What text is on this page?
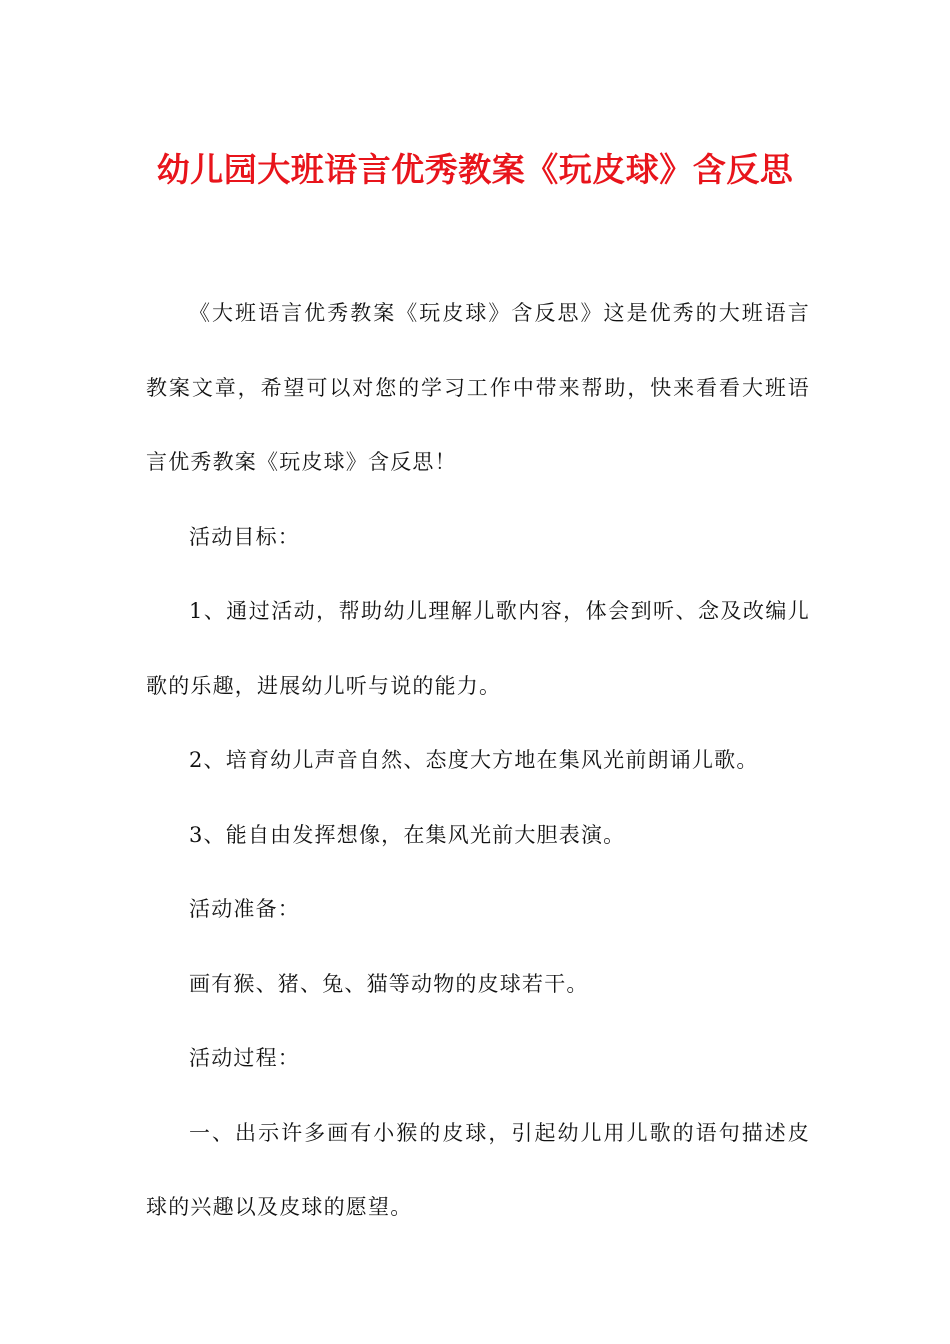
幼儿园大班语言优秀教案《玩皮球》含反思

《大班语言优秀教案《玩皮球》含反思》这是优秀的大班语言教案文章，希望可以对您的学习工作中带来帮助，快来看看大班语言优秀教案《玩皮球》含反思！

活动目标：

1、通过活动，帮助幼儿理解儿歌内容，体会到听、念及改编儿歌的乐趣，进展幼儿听与说的能力。

2、培育幼儿声音自然、态度大方地在集风光前朗诵儿歌。

3、能自由发挥想像，在集风光前大胆表演。

活动准备：

画有猴、猪、兔、猫等动物的皮球若干。

活动过程：

一、出示许多画有小猴的皮球，引起幼儿用儿歌的语句描述皮球的兴趣以及皮球的愿望。
